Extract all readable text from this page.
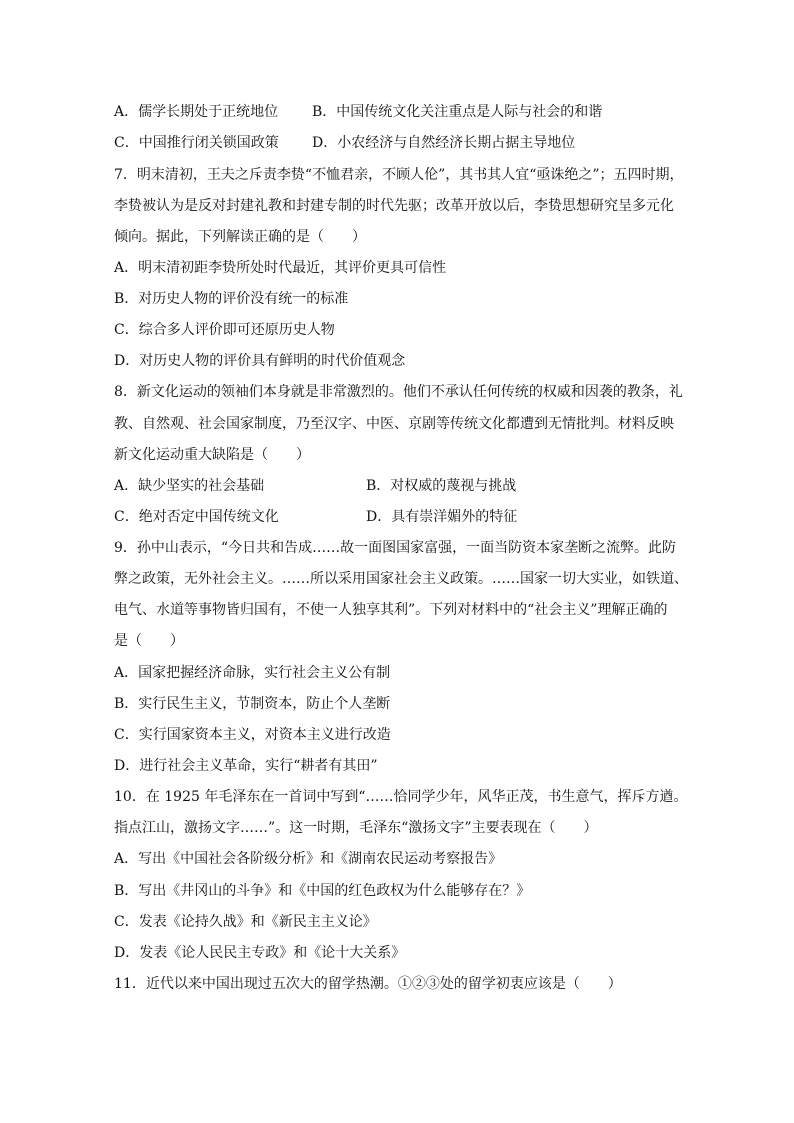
A．儒学长期处于正统地位 B．中国传统文化关注重点是人际与社会的和谐
C．中国推行闭关锁国政策 D．小农经济与自然经济长期占据主导地位
7．明末清初，王夫之斥责李贽“不恤君亲，不顾人伦”，其书其人宜“亟诛绝之”；五四时期，
李贽被认为是反对封建礼教和封建专制的时代先驱；改革开放以后，李贽思想研究呈多元化
倾向。据此，下列解读正确的是（　　）
A．明末清初距李贽所处时代最近，其评价更具可信性
B．对历史人物的评价没有统一的标准
C．综合多人评价即可还原历史人物
D．对历史人物的评价具有鲜明的时代价值观念
8．新文化运动的领袖们本身就是非常激烈的。他们不承认任何传统的权威和因袭的教条，礼
教、自然观、社会国家制度，乃至汉字、中医、京剧等传统文化都遭到无情批判。材料反映
新文化运动重大缺陷是（　　）
A．缺少坚实的社会基础	B．对权威的蔑视与挑战
C．绝对否定中国传统文化	D．具有崇洋媚外的特征
9．孙中山表示，“今日共和告成……故一面图国家富强，一面当防资本家垄断之流弊。此防
弊之政策，无外社会主义。……所以采用国家社会主义政策。……国家一切大实业，如铁道、
电气、水道等事物皆归国有，不使一人独享其利”。下列对材料中的“社会主义”理解正确的
是（　　）
A．国家把握经济命脉，实行社会主义公有制
B．实行民生主义，节制资本，防止个人垄断
C．实行国家资本主义，对资本主义进行改造
D．进行社会主义革命，实行“耕者有其田”
10．在 1925 年毛泽东在一首词中写到“……恰同学少年，风华正茂，书生意气，挥斥方遒。
指点江山，激扬文字……”。这一时期，毛泽东“激扬文字”主要表现在（　　）
A．写出《中国社会各阶级分析》和《湖南农民运动考察报告》
B．写出《井冈山的斗争》和《中国的红色政权为什么能够存在？》
C．发表《论持久战》和《新民主主义论》
D．发表《论人民民主专政》和《论十大关系》
11．近代以来中国出现过五次大的留学热潮。①②③处的留学初衷应该是（　　）
